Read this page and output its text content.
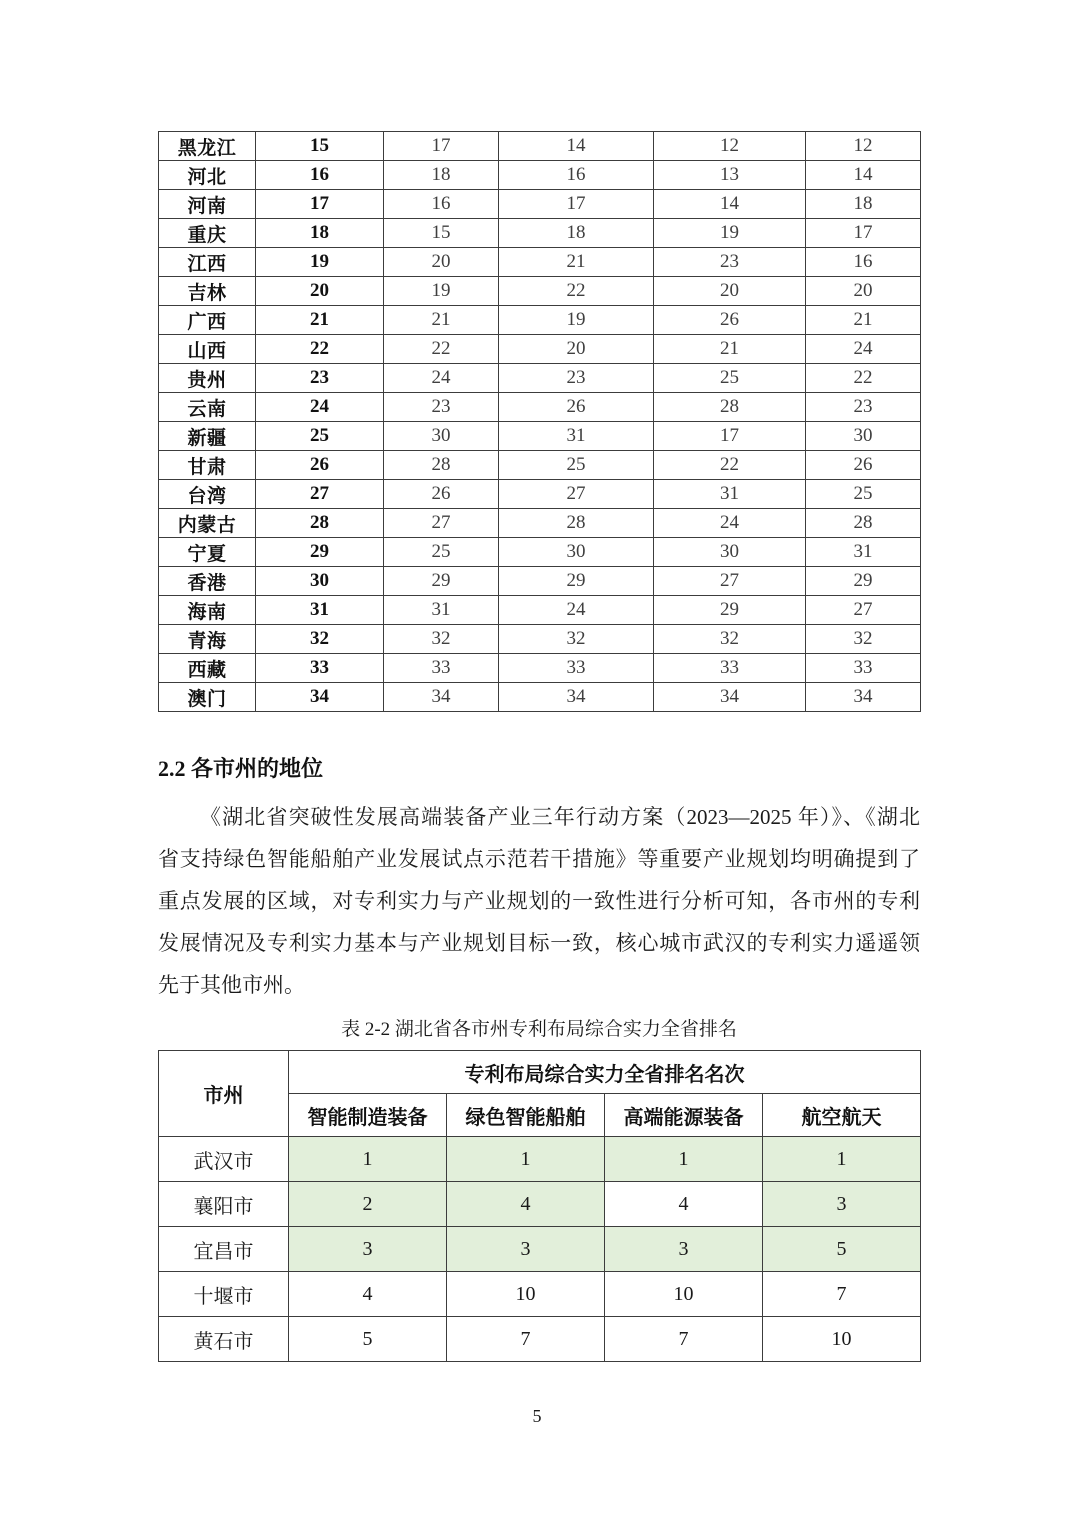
黑龙江	15	17	14	12	12
河北	16	18	16	13	14
河南	17	16	17	14	18
重庆	18	15	18	19	17
江西	19	20	21	23	16
吉林	20	19	22	20	20
广西	21	21	19	26	21
山西	22	22	20	21	24
贵州	23	24	23	25	22
云南	24	23	26	28	23
新疆	25	30	31	17	30
甘肃	26	28	25	22	26
台湾	27	26	27	31	25
内蒙古	28	27	28	24	28
宁夏	29	25	30	30	31
香港	30	29	29	27	29
海南	31	31	24	29	27
青海	32	32	32	32	32
西藏	33	33	33	33	33
澳门	34	34	34	34	34
2.2 各市州的地位
《湖北省突破性发展高端装备产业三年行动方案（2023—2025 年）》、《湖北
省支持绿色智能船舶产业发展试点示范若干措施》等重要产业规划均明确提到了
重点发展的区域，对专利实力与产业规划的一致性进行分析可知，各市州的专利
发展情况及专利实力基本与产业规划目标一致，核心城市武汉的专利实力遥遥领
先于其他市州。
表 2-2 湖北省各市州专利布局综合实力全省排名
市州	专利布局综合实力全省排名名次			
	智能制造装备	绿色智能船舶	高端能源装备	航空航天
武汉市	1	1	1	1
襄阳市	2	4	4	3
宜昌市	3	3	3	5
十堰市	4	10	10	7
黄石市	5	7	7	10
5
